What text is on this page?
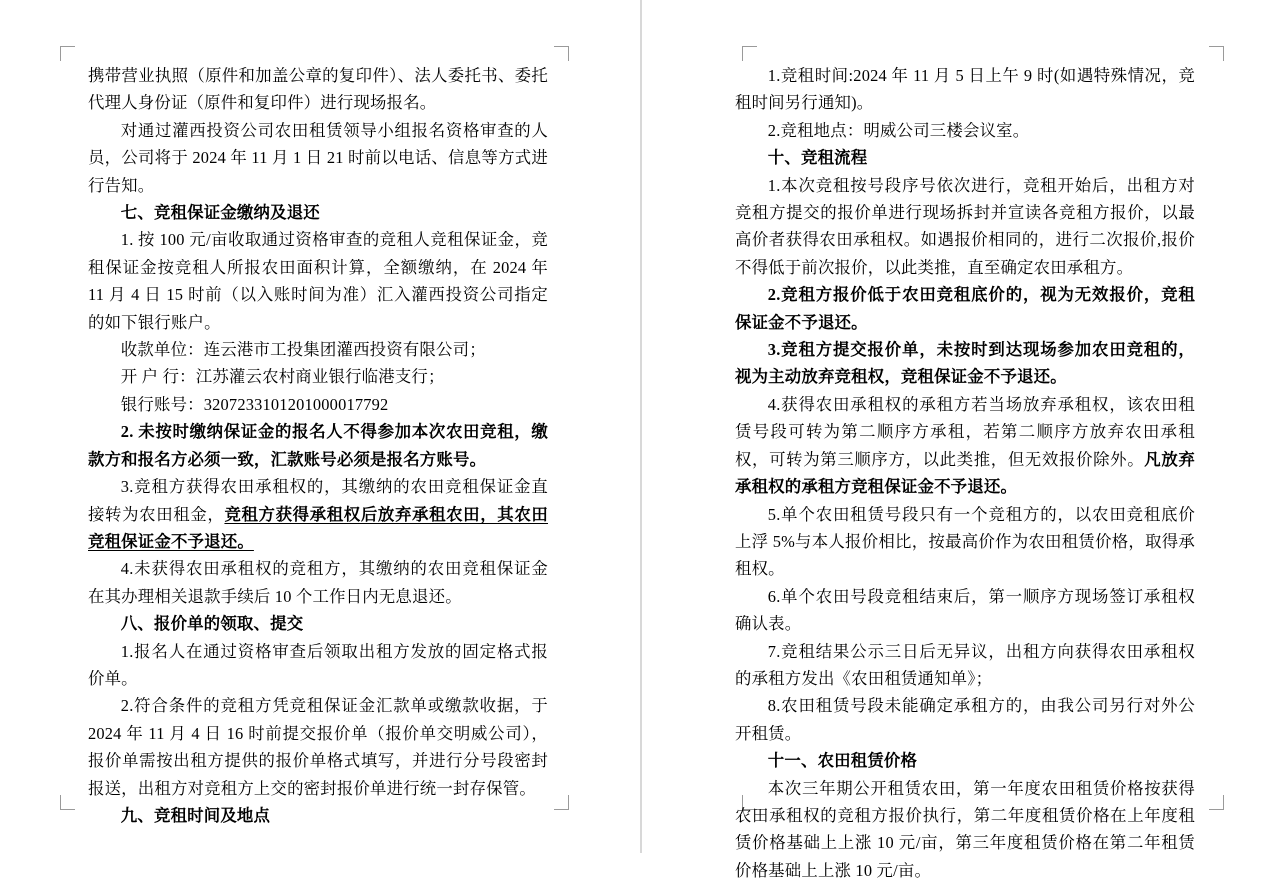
携带营业执照（原件和加盖公章的复印件）、法人委托书、委托代理人身份证（原件和复印件）进行现场报名。

对通过灌西投资公司农田租赁领导小组报名资格审查的人员，公司将于 2024 年 11 月 1 日 21 时前以电话、信息等方式进行告知。

七、竞租保证金缴纳及退还

1. 按 100 元/亩收取通过资格审查的竞租人竞租保证金，竞租保证金按竞租人所报农田面积计算，全额缴纳，在 2024 年 11 月 4 日 15 时前（以入账时间为准）汇入灌西投资公司指定的如下银行账户。

收款单位：连云港市工投集团灌西投资有限公司；

开 户 行：江苏灌云农村商业银行临港支行；

银行账号：3207233101201000017792

2. 未按时缴纳保证金的报名人不得参加本次农田竞租，缴款方和报名方必须一致，汇款账号必须是报名方账号。

3.竞租方获得农田承租权的，其缴纳的农田竞租保证金直接转为农田租金，竞租方获得承租权后放弃承租农田，其农田竞租保证金不予退还。

4.未获得农田承租权的竞租方，其缴纳的农田竞租保证金在其办理相关退款手续后 10 个工作日内无息退还。

八、报价单的领取、提交

1.报名人在通过资格审查后领取出租方发放的固定格式报价单。

2.符合条件的竞租方凭竞租保证金汇款单或缴款收据，于 2024 年 11 月 4 日 16 时前提交报价单（报价单交明威公司），报价单需按出租方提供的报价单格式填写，并进行分号段密封报送，出租方对竞租方上交的密封报价单进行统一封存保管。

九、竞租时间及地点

1.竞租时间:2024 年 11 月 5 日上午 9 时(如遇特殊情况，竞租时间另行通知)。

2.竞租地点：明威公司三楼会议室。

十、竞租流程

1.本次竞租按号段序号依次进行，竞租开始后，出租方对竞租方提交的报价单进行现场拆封并宣读各竞租方报价，以最高价者获得农田承租权。如遇报价相同的，进行二次报价,报价不得低于前次报价，以此类推，直至确定农田承租方。

2.竞租方报价低于农田竞租底价的，视为无效报价，竞租保证金不予退还。

3.竞租方提交报价单，未按时到达现场参加农田竞租的，视为主动放弃竞租权，竞租保证金不予退还。

4.获得农田承租权的承租方若当场放弃承租权，该农田租赁号段可转为第二顺序方承租，若第二顺序方放弃农田承租权，可转为第三顺序方，以此类推，但无效报价除外。凡放弃承租权的承租方竞租保证金不予退还。

5.单个农田租赁号段只有一个竞租方的，以农田竞租底价上浮 5%与本人报价相比，按最高价作为农田租赁价格，取得承租权。

6.单个农田号段竞租结束后，第一顺序方现场签订承租权确认表。

7.竞租结果公示三日后无异议，出租方向获得农田承租权的承租方发出《农田租赁通知单》；

8.农田租赁号段未能确定承租方的，由我公司另行对外公开租赁。

十一、农田租赁价格

本次三年期公开租赁农田，第一年度农田租赁价格按获得农田承租权的竞租方报价执行，第二年度租赁价格在上年度租赁价格基础上上涨 10 元/亩，第三年度租赁价格在第二年租赁价格基础上上涨 10 元/亩。
